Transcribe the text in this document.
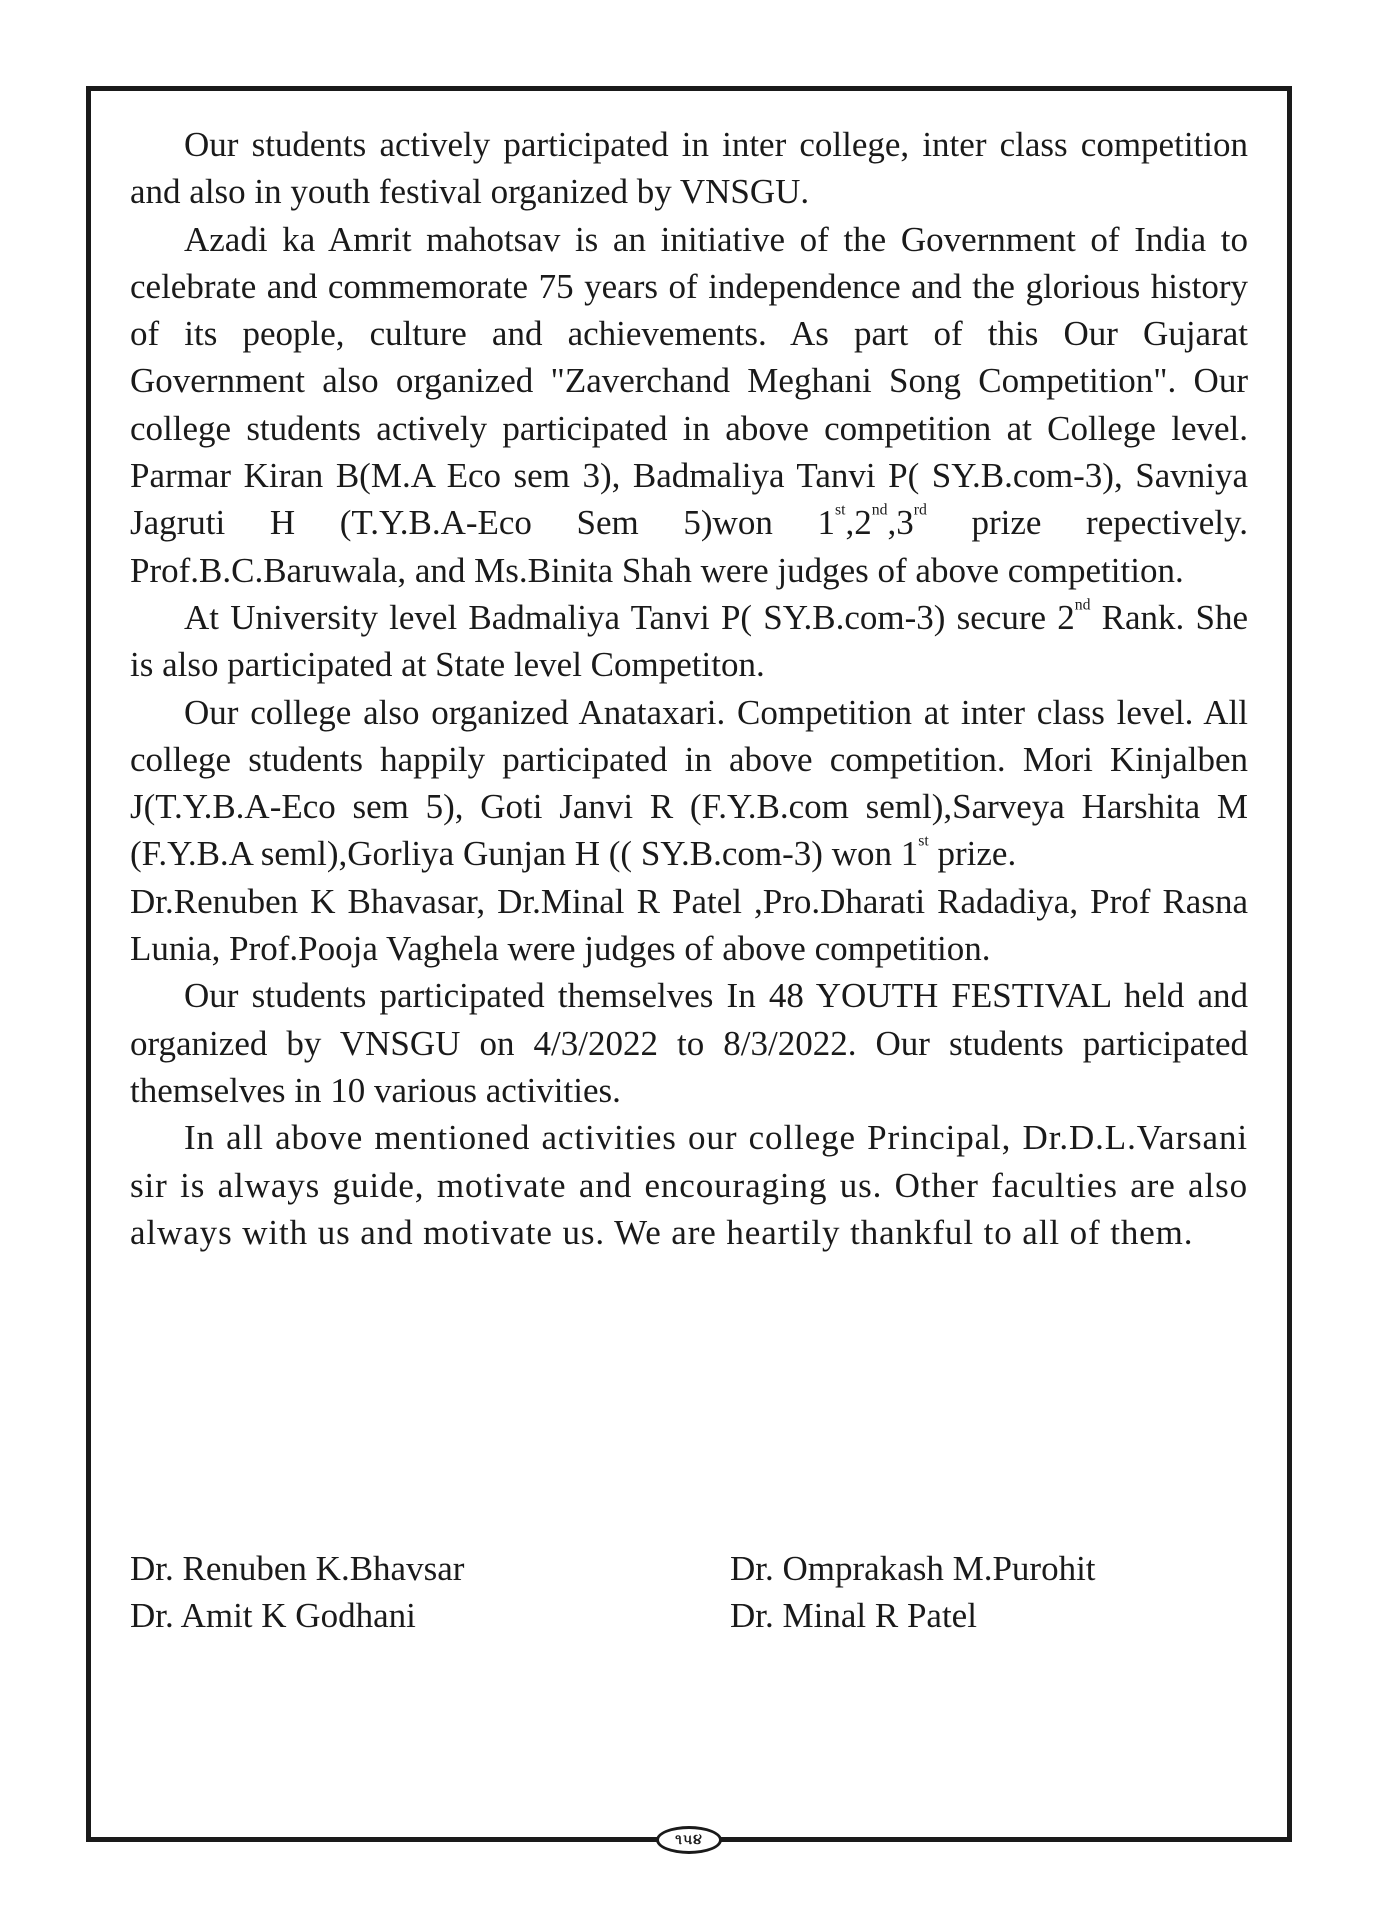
Our students actively participated in inter college, inter class competition and also in youth festival organized by VNSGU.

Azadi ka Amrit mahotsav is an initiative of the Government of India to celebrate and commemorate 75 years of independence and the glorious history of its people, culture and achievements. As part of this Our Gujarat Government also organized "Zaverchand Meghani Song Competition". Our college students actively participated in above competition at College level. Parmar Kiran B(M.A Eco sem 3), Badmaliya Tanvi P( SY.B.com-3), Savniya Jagruti H (T.Y.B.A-Eco Sem 5)won 1st,2nd,3rd prize repectively. Prof.B.C.Baruwala, and Ms.Binita Shah were judges of above competition.

At University level Badmaliya Tanvi P( SY.B.com-3) secure 2nd Rank. She is also participated at State level Competiton.

Our college also organized Anataxari. Competition at inter class level. All college students happily participated in above competition. Mori Kinjalben J(T.Y.B.A-Eco sem 5), Goti Janvi R (F.Y.B.com seml),Sarveya Harshita M (F.Y.B.A seml),Gorliya Gunjan H (( SY.B.com-3) won 1st prize.

Dr.Renuben K Bhavasar, Dr.Minal R Patel ,Pro.Dharati Radadiya, Prof Rasna Lunia, Prof.Pooja Vaghela were judges of above competition.

Our students participated themselves In 48 YOUTH FESTIVAL held and organized by VNSGU on 4/3/2022 to 8/3/2022. Our students participated themselves in 10 various activities.

In all above mentioned activities our college Principal, Dr.D.L.Varsani sir is always guide, motivate and encouraging us. Other faculties are also always with us and motivate us. We are heartily thankful to all of them.

Dr. Renuben K.Bhavsar
Dr. Amit K Godhani
Dr. Omprakash M.Purohit
Dr. Minal R Patel
૧૫૪
